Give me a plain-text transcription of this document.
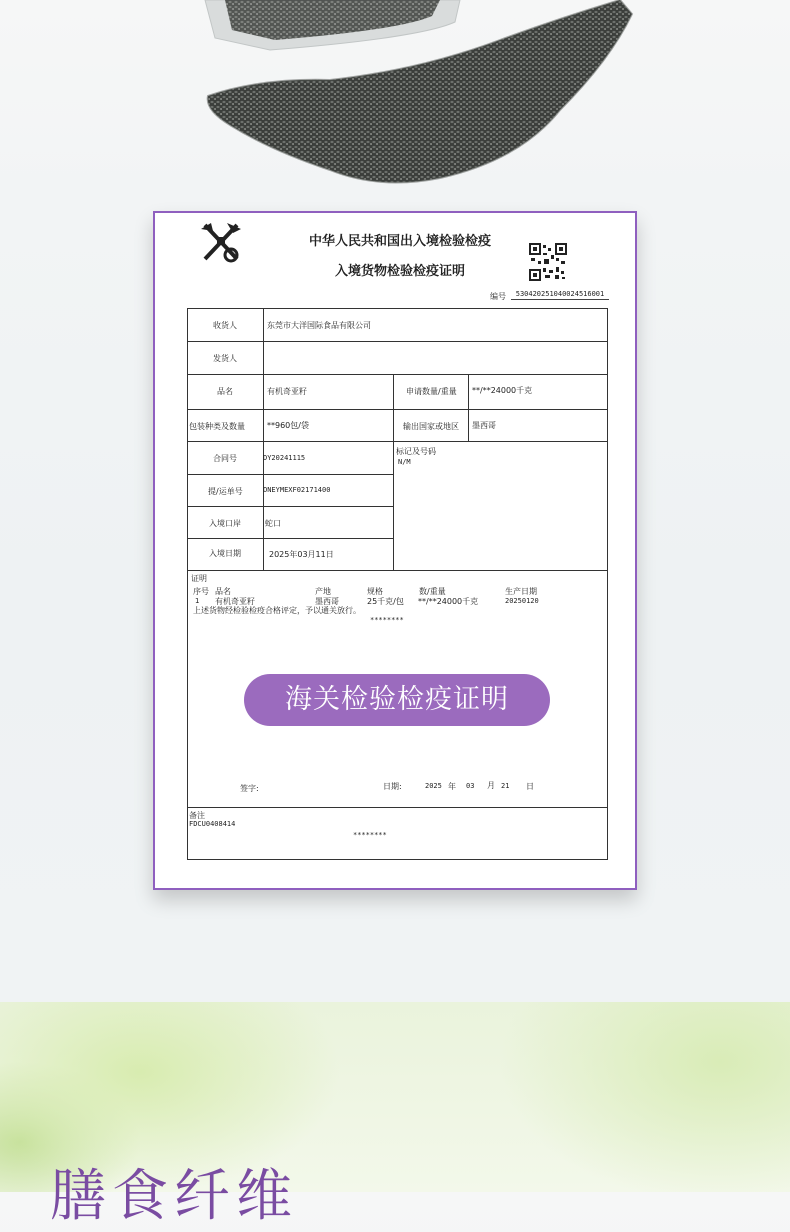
中华人民共和国出入境检验检疫
入境货物检验检疫证明
编号	530420251040024516001
收货人	东莞市大洋国际食品有限公司
发货人
品名	有机奇亚籽	申请数量/重量 **/**24000千克
包装种类及数量	**960包/袋	输出国家或地区 墨西哥
合同号	DY20241115
标记及号码
N/M
提/运单号	ONEYMEXF02171400
入境口岸	蛇口
入境日期	2025年03月11日
证明
序号 品名	产地	规格	数/重量	生产日期
1 有机奇亚籽	墨西哥	25千克/包 **/**24000千克	20250120
上述货物经检验检疫合格评定，予以通关放行。
********
签字:	日期:	2025 年 03 月 21 日
备注
FDCU0408414
********
海关检验检疫证明
膳食纤维
